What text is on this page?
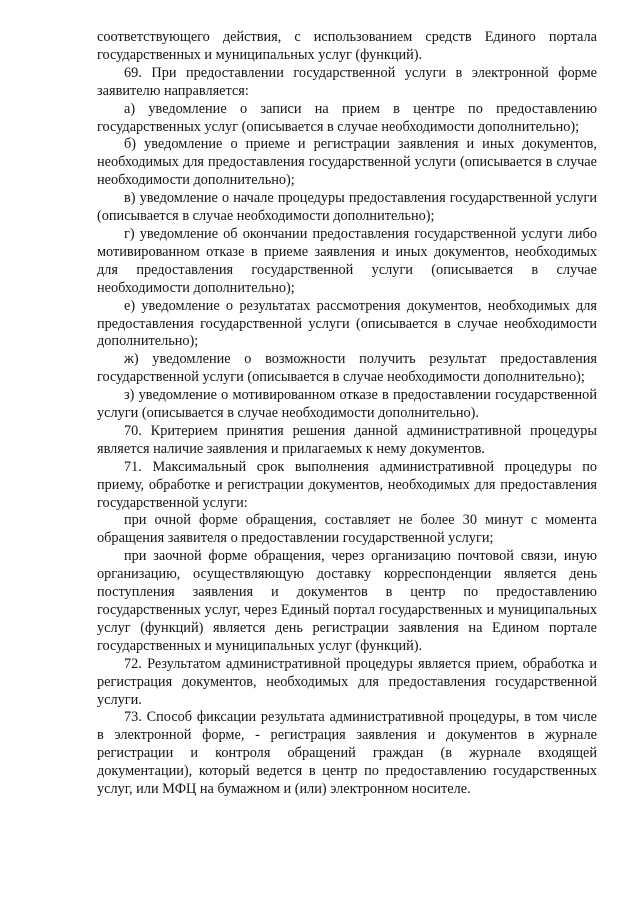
соответствующего действия, с использованием средств Единого портала государственных и муниципальных услуг (функций).

69. При предоставлении государственной услуги в электронной форме заявителю направляется:

а) уведомление о записи на прием в центре по предоставлению государственных услуг (описывается в случае необходимости дополнительно);

б) уведомление о приеме и регистрации заявления и иных документов, необходимых для предоставления государственной услуги (описывается в случае необходимости дополнительно);

в) уведомление о начале процедуры предоставления государственной услуги (описывается в случае необходимости дополнительно);

г) уведомление об окончании предоставления государственной услуги либо мотивированном отказе в приеме заявления и иных документов, необходимых для предоставления государственной услуги (описывается в случае необходимости дополнительно);

е) уведомление о результатах рассмотрения документов, необходимых для предоставления государственной услуги (описывается в случае необходимости дополнительно);

ж) уведомление о возможности получить результат предоставления государственной услуги (описывается в случае необходимости дополнительно);

з) уведомление о мотивированном отказе в предоставлении государственной услуги (описывается в случае необходимости дополнительно).

70. Критерием принятия решения данной административной процедуры является наличие заявления и прилагаемых к нему документов.

71. Максимальный срок выполнения административной процедуры по приему, обработке и регистрации документов, необходимых для предоставления государственной услуги:

при очной форме обращения, составляет не более 30 минут с момента обращения заявителя о предоставлении государственной услуги;

при заочной форме обращения, через организацию почтовой связи, иную организацию, осуществляющую доставку корреспонденции является день поступления заявления и документов в центр по предоставлению государственных услуг, через Единый портал государственных и муниципальных услуг (функций) является день регистрации заявления на Едином портале государственных и муниципальных услуг (функций).

72. Результатом административной процедуры является прием, обработка и регистрация документов, необходимых для предоставления государственной услуги.

73. Способ фиксации результата административной процедуры, в том числе в электронной форме, - регистрация заявления и документов в журнале регистрации и контроля обращений граждан (в журнале входящей документации), который ведется в центр по предоставлению государственных услуг, или МФЦ на бумажном и (или) электронном носителе.
